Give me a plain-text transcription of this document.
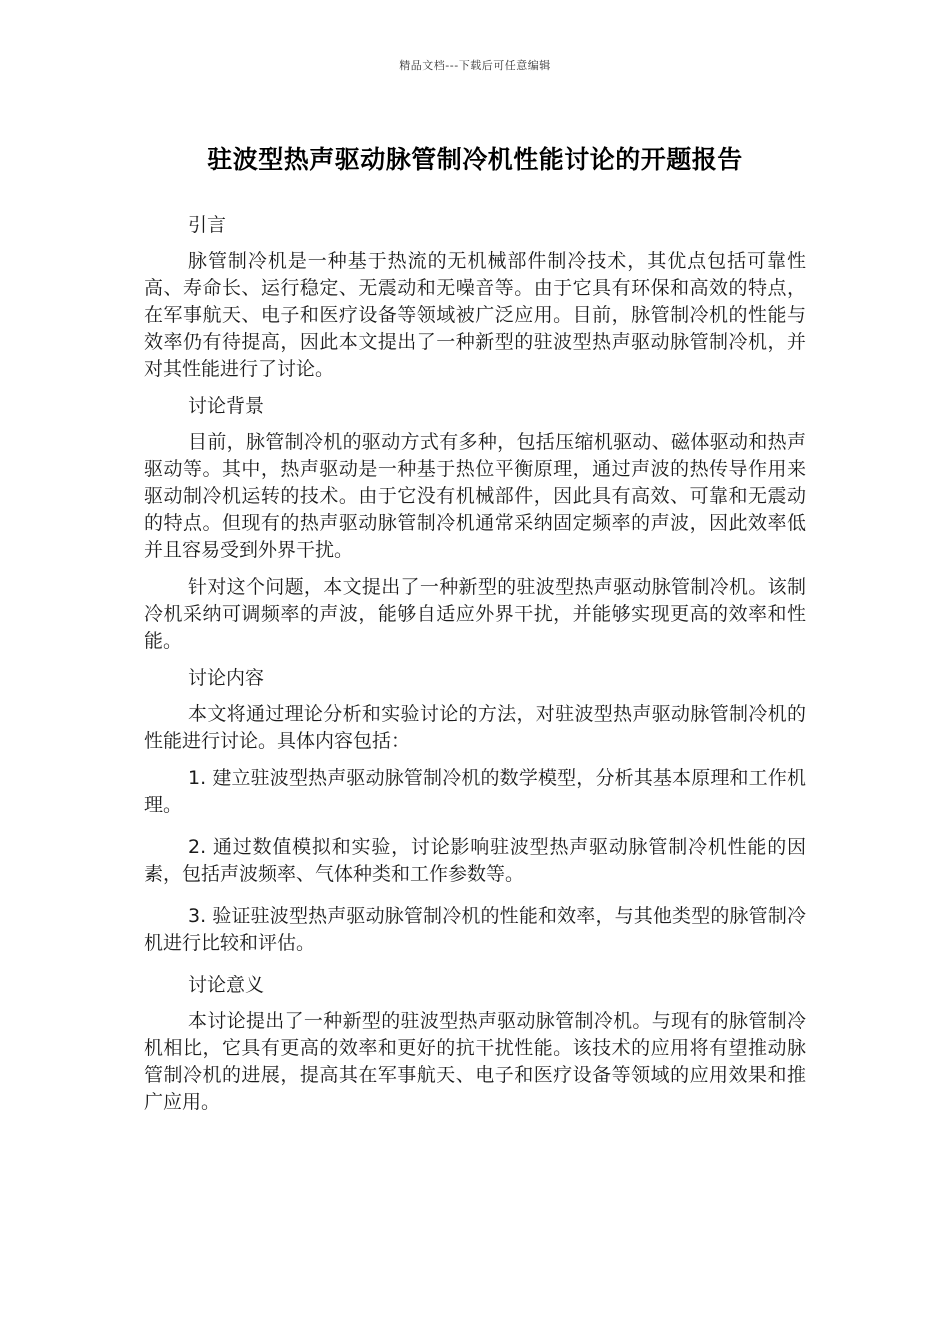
精品文档---下载后可任意编辑
驻波型热声驱动脉管制冷机性能讨论的开题报告

引言

脉管制冷机是一种基于热流的无机械部件制冷技术，其优点包括可靠性高、寿命长、运行稳定、无震动和无噪音等。由于它具有环保和高效的特点，在军事航天、电子和医疗设备等领域被广泛应用。目前，脉管制冷机的性能与效率仍有待提高，因此本文提出了一种新型的驻波型热声驱动脉管制冷机，并对其性能进行了讨论。

讨论背景

目前，脉管制冷机的驱动方式有多种，包括压缩机驱动、磁体驱动和热声驱动等。其中，热声驱动是一种基于热位平衡原理，通过声波的热传导作用来驱动制冷机运转的技术。由于它没有机械部件，因此具有高效、可靠和无震动的特点。但现有的热声驱动脉管制冷机通常采纳固定频率的声波，因此效率低并且容易受到外界干扰。

针对这个问题，本文提出了一种新型的驻波型热声驱动脉管制冷机。该制冷机采纳可调频率的声波，能够自适应外界干扰，并能够实现更高的效率和性能。

讨论内容

本文将通过理论分析和实验讨论的方法，对驻波型热声驱动脉管制冷机的性能进行讨论。具体内容包括：

1. 建立驻波型热声驱动脉管制冷机的数学模型，分析其基本原理和工作机理。

2. 通过数值模拟和实验，讨论影响驻波型热声驱动脉管制冷机性能的因素，包括声波频率、气体种类和工作参数等。

3. 验证驻波型热声驱动脉管制冷机的性能和效率，与其他类型的脉管制冷机进行比较和评估。

讨论意义

本讨论提出了一种新型的驻波型热声驱动脉管制冷机。与现有的脉管制冷机相比，它具有更高的效率和更好的抗干扰性能。该技术的应用将有望推动脉管制冷机的进展，提高其在军事航天、电子和医疗设备等领域的应用效果和推广应用。
